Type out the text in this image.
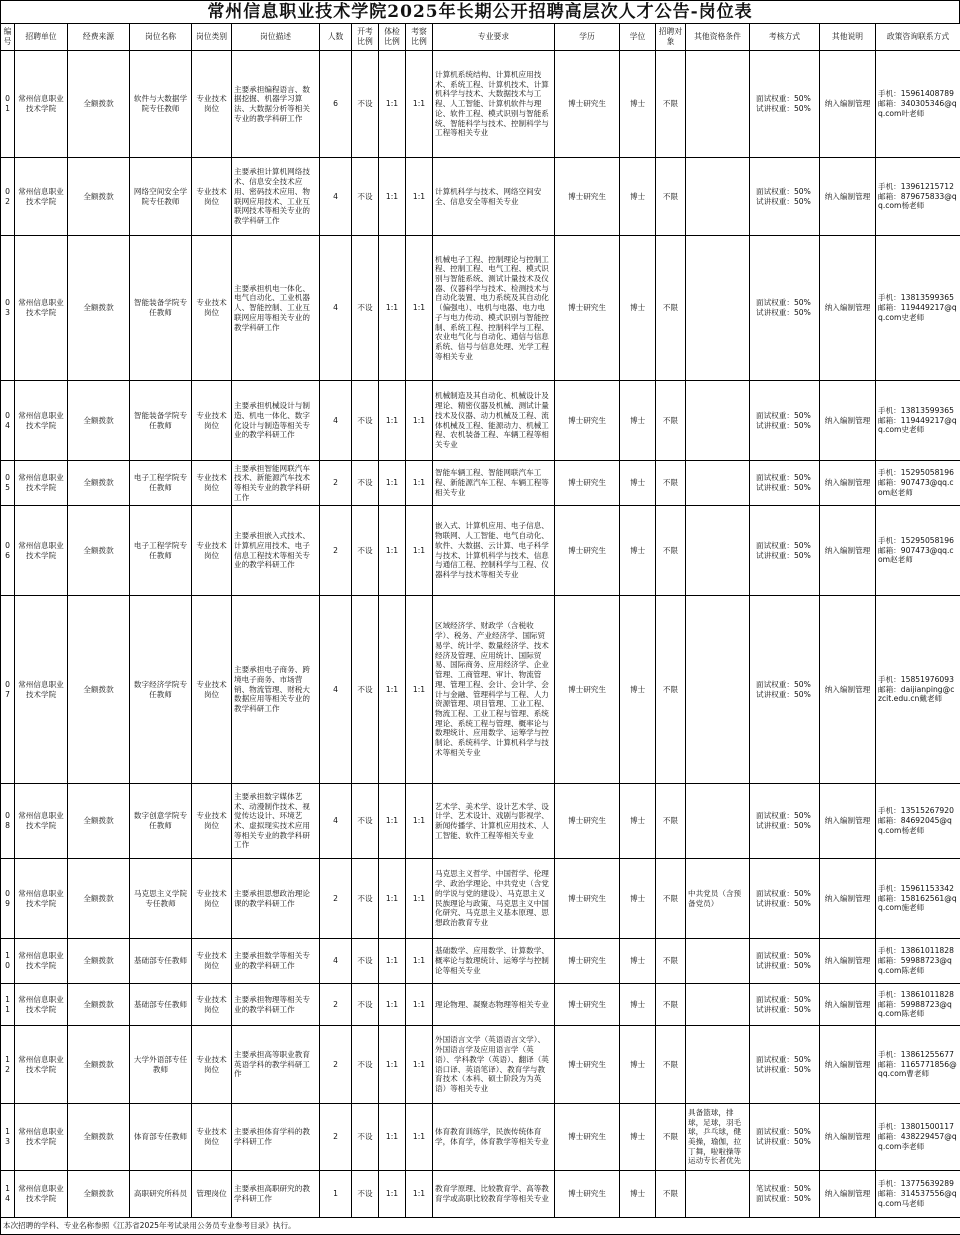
常州信息职业技术学院2025年长期公开招聘高层次人才公告-岗位表
编号	招聘单位	经费来源	岗位名称	岗位类别	岗位描述	人数	开考比例	体检比例	考察比例	专业要求	学历	学位	招聘对象	其他资格条件	考核方式	其他说明	政策咨询联系方式
01	常州信息职业技术学院	全额拨款	软件与大数据学院专任教师	专业技术岗位	主要承担编程语言、数据挖掘、机器学习算法、大数据分析等相关专业的教学科研工作	6	不设	1:1	1:1	计算机系统结构、计算机应用技术、系统工程、计算机技术、计算机科学与技术、大数据技术与工程、人工智能、计算机软件与理论、软件工程、模式识别与智能系统、智能科学与技术、控制科学与工程等相关专业	博士研究生	博士	不限		面试权重：50%
试讲权重：50%	纳入编制管理	手机：15961408789
邮箱：340305346@qq.com叶老师
02	常州信息职业技术学院	全额拨款	网络空间安全学院专任教师	专业技术岗位	主要承担计算机网络技术、信息安全技术应用、密码技术应用、物联网应用技术、工业互联网技术等相关专业的教学科研工作	4	不设	1:1	1:1	计算机科学与技术、网络空间安全、信息安全等相关专业	博士研究生	博士	不限		面试权重：50%
试讲权重：50%	纳入编制管理	手机：13961215712
邮箱：879675833@qq.com杨老师
03	常州信息职业技术学院	全额拨款	智能装备学院专任教师	专业技术岗位	主要承担机电一体化、电气自动化、工业机器人、智能控制、工业互联网应用等相关专业的教学科研工作	4	不设	1:1	1:1	机械电子工程、控制理论与控制工程、控制工程、电气工程、模式识别与智能系统、测试计量技术及仪器、仪器科学与技术、检测技术与自动化装置、电力系统及其自动化（偏强电）、电机与电器、电力电子与电力传动、模式识别与智能控制、系统工程、控制科学与工程、农业电气化与自动化、通信与信息系统、信号与信息处理、光学工程等相关专业	博士研究生	博士	不限		面试权重：50%
试讲权重：50%	纳入编制管理	手机：13813599365
邮箱：119449217@qq.com史老师
04	常州信息职业技术学院	全额拨款	智能装备学院专任教师	专业技术岗位	主要承担机械设计与制造、机电一体化、数字化设计与制造等相关专业的教学科研工作	4	不设	1:1	1:1	机械制造及其自动化、机械设计及理论、精密仪器及机械、测试计量技术及仪器、动力机械及工程、流体机械及工程、能源动力、机械工程、农机装备工程、车辆工程等相关专业	博士研究生	博士	不限		面试权重：50%
试讲权重：50%	纳入编制管理	手机：13813599365
邮箱：119449217@qq.com史老师
05	常州信息职业技术学院	全额拨款	电子工程学院专任教师	专业技术岗位	主要承担智能网联汽车技术、新能源汽车技术等相关专业的教学科研工作	2	不设	1:1	1:1	智能车辆工程、智能网联汽车工程、新能源汽车工程、车辆工程等相关专业	博士研究生	博士	不限		面试权重：50%
试讲权重：50%	纳入编制管理	手机：15295058196
邮箱：907473@qq.com赵老师
06	常州信息职业技术学院	全额拨款	电子工程学院专任教师	专业技术岗位	主要承担嵌入式技术、计算机应用技术、电子信息工程技术等相关专业的教学科研工作	2	不设	1:1	1:1	嵌入式、计算机应用、电子信息、物联网、人工智能、电气自动化、软件、大数据、云计算、电子科学与技术、计算机科学与技术、信息与通信工程、控制科学与工程、仪器科学与技术等相关专业	博士研究生	博士	不限		面试权重：50%
试讲权重：50%	纳入编制管理	手机：15295058196
邮箱：907473@qq.com赵老师
07	常州信息职业技术学院	全额拨款	数字经济学院专任教师	专业技术岗位	主要承担电子商务、跨境电子商务、市场营销、物流管理、财税大数据应用等相关专业的教学科研工作	4	不设	1:1	1:1	区域经济学、财政学（含税收学）、税务、产业经济学、国际贸易学、统计学、数量经济学、技术经济及管理、应用统计、国际贸易、国际商务、应用经济学、企业管理、工商管理、审计、物流管理、管理工程、会计、会计学、会计与金融、管理科学与工程、人力资源管理、项目管理、工业工程、物流工程、工业工程与管理、系统理论、系统工程与管理、概率论与数理统计、应用数学、运筹学与控制论、系统科学、计算机科学与技术等相关专业	博士研究生	博士	不限		面试权重：50%
试讲权重：50%	纳入编制管理	手机：15851976093
邮箱：daijianping@czcit.edu.cn戴老师
08	常州信息职业技术学院	全额拨款	数字创意学院专任教师	专业技术岗位	主要承担数字媒体艺术、动漫制作技术、视觉传达设计、环境艺术、虚拟现实技术应用等相关专业的教学科研工作	4	不设	1:1	1:1	艺术学、美术学、设计艺术学、设计学、艺术设计、戏剧与影视学、新闻传播学、计算机应用技术、人工智能、软件工程等相关专业	博士研究生	博士	不限		面试权重：50%
试讲权重：50%	纳入编制管理	手机：13515267920
邮箱：84692045@qq.com杨老师
09	常州信息职业技术学院	全额拨款	马克思主义学院专任教师	专业技术岗位	主要承担思想政治理论课的教学科研工作	2	不设	1:1	1:1	马克思主义哲学、中国哲学、伦理学、政治学理论、中共党史（含党的学说与党的建设）、马克思主义民族理论与政策、马克思主义中国化研究、马克思主义基本原理、思想政治教育专业	博士研究生	博士	不限	中共党员（含预备党员）	面试权重：50%
试讲权重：50%	纳入编制管理	手机：15961153342
邮箱：158162561@qq.com施老师
10	常州信息职业技术学院	全额拨款	基础部专任教师	专业技术岗位	主要承担数学等相关专业的教学科研工作	4	不设	1:1	1:1	基础数学、应用数学、计算数学、概率论与数理统计、运筹学与控制论等相关专业	博士研究生	博士	不限		面试权重：50%
试讲权重：50%	纳入编制管理	手机：13861011828
邮箱：59988723@qq.com陈老师
11	常州信息职业技术学院	全额拨款	基础部专任教师	专业技术岗位	主要承担物理等相关专业的教学科研工作	2	不设	1:1	1:1	理论物理、凝聚态物理等相关专业	博士研究生	博士	不限		面试权重：50%
试讲权重：50%	纳入编制管理	手机：13861011828
邮箱：59988723@qq.com陈老师
12	常州信息职业技术学院	全额拨款	大学外语部专任教师	专业技术岗位	主要承担高等职业教育英语学科的教学科研工作	2	不设	1:1	1:1	外国语言文学（英语语言文学）、外国语言学及应用语言学（英语）、学科教学（英语）、翻译（英语口译、英语笔译）、教育学与教育技术（本科、硕士阶段为为英语）等相关专业	博士研究生	博士	不限		面试权重：50%
试讲权重：50%	纳入编制管理	手机：13861255677
邮箱：1165771856@qq.com曹老师
13	常州信息职业技术学院	全额拨款	体育部专任教师	专业技术岗位	主要承担体育学科的教学科研工作	2	不设	1:1	1:1	体育教育训练学，民族传统体育学，体育学，体育教学等相关专业	博士研究生	博士	不限	具备篮球，排球，足球，羽毛球，乒乓球，健美操，瑜伽，拉丁舞，啦啦操等运动专长者优先	面试权重：50%
试讲权重：50%	纳入编制管理	手机：13801500117
邮箱：438229457@qq.com李老师
14	常州信息职业技术学院	全额拨款	高职研究所科员	管理岗位	主要承担高职研究的教学科研工作	1	不设	1:1	1:1	教育学原理、比较教育学、高等教育学或高职比较教育学等相关专业	博士研究生	博士	不限		笔试权重：50%
面试权重：50%	纳入编制管理	手机：13775639289
邮箱：314537556@qq.com马老师
本次招聘的学科、专业名称参照《江苏省2025年考试录用公务员专业参考目录》执行。																	
